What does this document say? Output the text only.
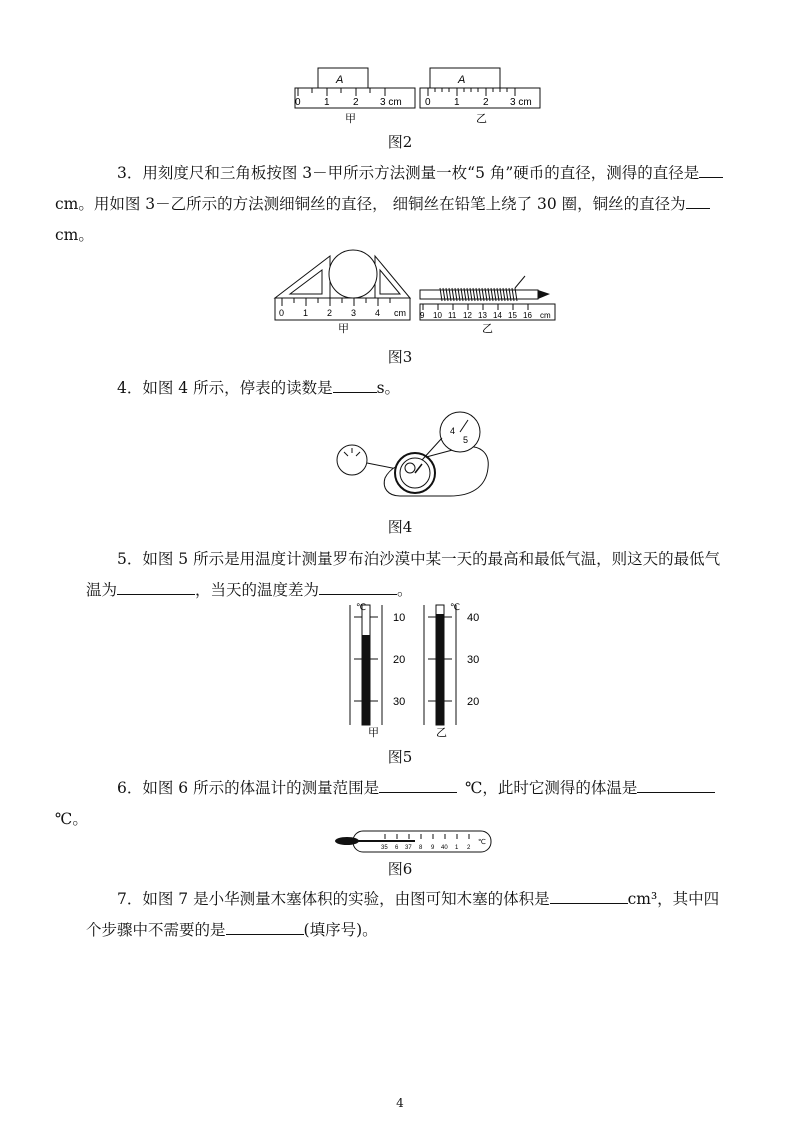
A
0 1 2 3 cm
甲
A
0 1 2 3 cm
乙
图2
3．用刻度尺和三角板按图 3－甲所示方法测量一枚“5 角”硬币的直径，测得的直径是cm。用如图 3－乙所示的方法测细铜丝的直径， 细铜丝在铅笔上绕了 30 圈，铜丝的直径为
cm。
0 1 2 3 4 cm
甲
9 10 11 12 13 14 15 16 cm
乙
图3
4．如图 4 所示，停表的读数是	s。
4
5
图4
5．如图 5 所示是用温度计测量罗布泊沙漠中某一天的最高和最低气温，则这天的最低气温为	，当天的温度差为	。
℃
10
20
30
甲
℃
40
30
20
乙
图5
6．如图 6 所示的体温计的测量范围是	℃，此时它测得的体温是
℃。
35 6 37 8 9 40 1 2
℃
图6
7．如图 7 是小华测量木塞体积的实验，由图可知木塞的体积是	cm³，其中四个步骤中不需要的是	(填序号)。
4
